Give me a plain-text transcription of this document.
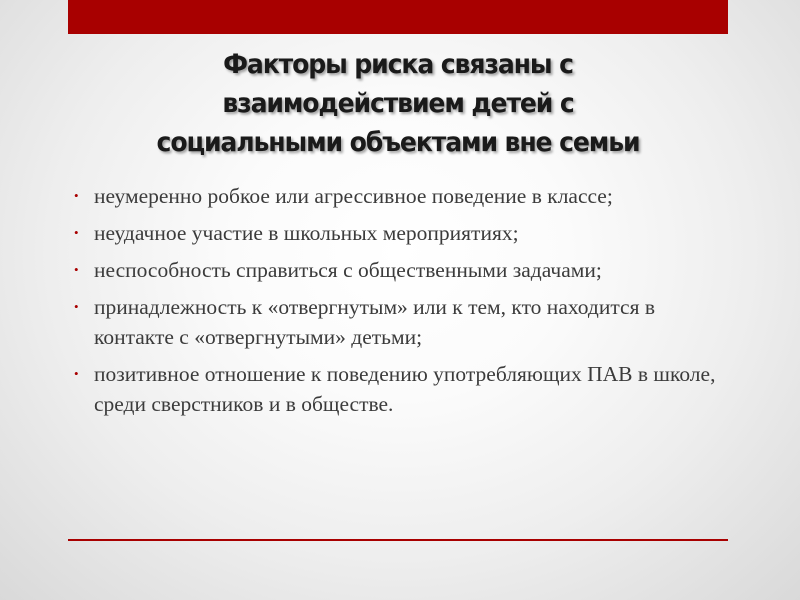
Факторы риска связаны с
взаимодействием детей с
социальными объектами вне семьи
• неумеренно робкое или агрессивное поведение в классе;
• неудачное участие в школьных мероприятиях;
• неспособность справиться с общественными задачами;
• принадлежность к «отвергнутым» или к тем, кто находится в контакте с «отвергнутыми» детьми;
• позитивное отношение к поведению употребляющих ПАВ в школе, среди сверстников и в обществе.
